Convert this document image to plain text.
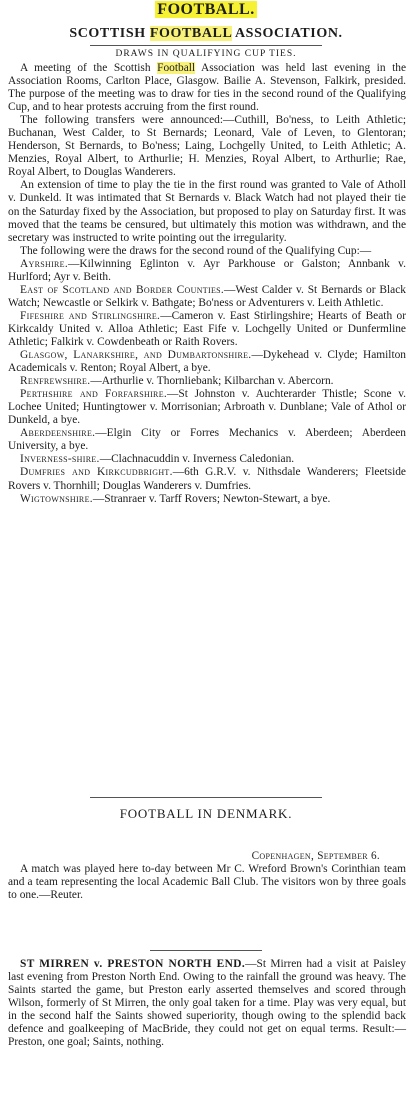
FOOTBALL.
SCOTTISH FOOTBALL ASSOCIATION.
DRAWS IN QUALIFYING CUP TIES.

A meeting of the Scottish Football Association was held last evening in the Association Rooms, Carlton Place, Glasgow. Bailie A. Stevenson, Falkirk, presided. The purpose of the meeting was to draw for ties in the second round of the Qualifying Cup, and to hear protests accruing from the first round.

The following transfers were announced:—Cuthill, Bo'ness, to Leith Athletic; Buchanan, West Calder, to St Bernards; Leonard, Vale of Leven, to Glentoran; Henderson, St Bernards, to Bo'ness; Laing, Lochgelly United, to Leith Athletic; A. Menzies, Royal Albert, to Arthurlie; H. Menzies, Royal Albert, to Arthurlie; Rae, Royal Albert, to Douglas Wanderers.

An extension of time to play the tie in the first round was granted to Vale of Atholl v. Dunkeld. It was intimated that St Bernards v. Black Watch had not played their tie on the Saturday fixed by the Association, but proposed to play on Saturday first. It was moved that the teams be censured, but ultimately this motion was withdrawn, and the secretary was instructed to write pointing out the irregularity.

The following were the draws for the second round of the Qualifying Cup:—

Ayrshire.—Kilwinning Eglinton v. Ayr Parkhouse or Galston; Annbank v. Hurlford; Ayr v. Beith.

East of Scotland and Border Counties.—West Calder v. St Bernards or Black Watch; Newcastle or Selkirk v. Bathgate; Bo'ness or Adventurers v. Leith Athletic.

Fifeshire and Stirlingshire.—Cameron v. East Stirlingshire; Hearts of Beath or Kirkcaldy United v. Alloa Athletic; East Fife v. Lochgelly United or Dunfermline Athletic; Falkirk v. Cowdenbeath or Raith Rovers.

Glasgow, Lanarkshire, and Dumbartonshire.—Dykehead v. Clyde; Hamilton Academicals v. Renton; Royal Albert, a bye.

Renfrewshire.—Arthurlie v. Thornliebank; Kilbarchan v. Abercorn.

Perthshire and Forfarshire.—St Johnston v. Auchterarder Thistle; Scone v. Lochee United; Huntingtower v. Morrisonian; Arbroath v. Dunblane; Vale of Athol or Dunkeld, a bye.

Aberdeenshire.—Elgin City or Forres Mechanics v. Aberdeen; Aberdeen University, a bye.

Inverness-shire.—Clachnacuddin v. Inverness Caledonian.

Dumfries and Kirkcudbright.—6th G.R.V. v. Nithsdale Wanderers; Fleetside Rovers v. Thornhill; Douglas Wanderers v. Dumfries.

Wigtownshire.—Stranraer v. Tarff Rovers; Newton-Stewart, a bye.

FOOTBALL IN DENMARK.
Copenhagen, September 6.

A match was played here to-day between Mr C. Wreford Brown's Corinthian team and a team representing the local Academic Ball Club. The visitors won by three goals to one.—Reuter.

ST MIRREN v. PRESTON NORTH END.—St Mirren had a visit at Paisley last evening from Preston North End. Owing to the rainfall the ground was heavy. The Saints started the game, but Preston early asserted themselves and scored through Wilson, formerly of St Mirren, the only goal taken for a time. Play was very equal, but in the second half the Saints showed superiority, though owing to the splendid back defence and goalkeeping of MacBride, they could not get on equal terms. Result:—Preston, one goal; Saints, nothing.
